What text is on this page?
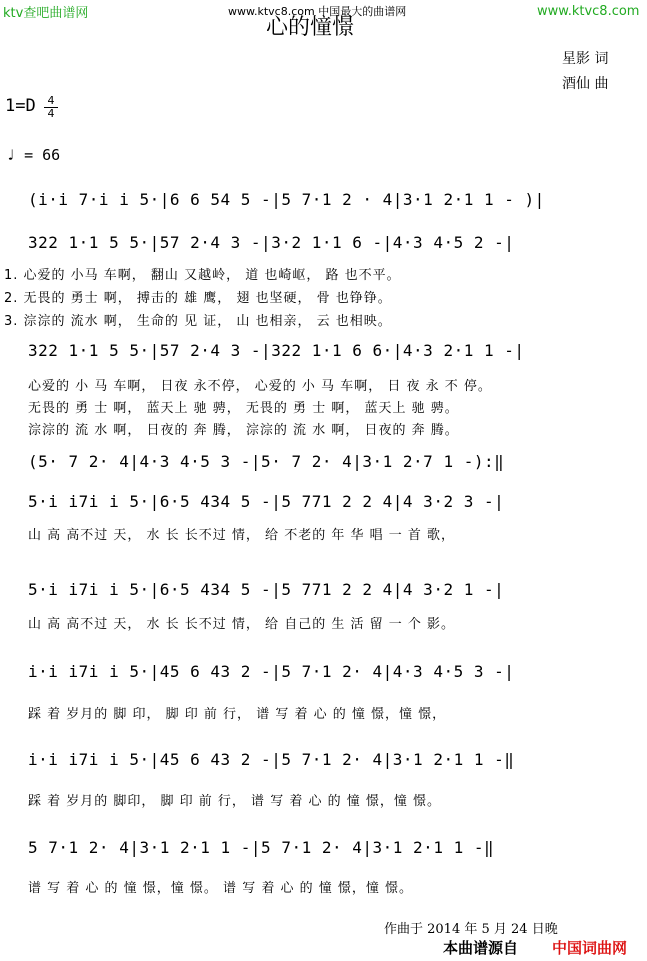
ktv查吧曲谱网	www.ktvc8.com 中国最大的曲谱网	www.ktvc8.com
心的憧憬
星影 词
酒仙 曲
1=D	4
4
♩ = 66
(i·i 7·i i 5·|6 6 54 5 -|5 7·1 2 · 4|3·1 2·1 1 - )|
322 1·1 5 5·|57 2·4 3 -|3·2 1·1 6 -|4·3 4·5 2 -|
1. 心爱的 小马 车啊， 翻山 又越岭， 道 也崎岖， 路 也不平。
2. 无畏的 勇士 啊， 搏击的 雄 鹰， 翅 也坚硬， 骨 也铮铮。
3. 淙淙的 流水 啊， 生命的 见 证， 山 也相亲， 云 也相映。
322 1·1 5 5·|57 2·4 3 -|322 1·1 6 6·|4·3 2·1 1 -|
心爱的 小 马 车啊， 日夜 永不停， 心爱的 小 马 车啊， 日 夜 永 不 停。
无畏的 勇 士 啊， 蓝天上 驰 骋， 无畏的 勇 士 啊， 蓝天上 驰 骋。
淙淙的 流 水 啊， 日夜的 奔 腾， 淙淙的 流 水 啊， 日夜的 奔 腾。
(5· 7 2· 4|4·3 4·5 3 -|5· 7 2· 4|3·1 2·7 1 -):‖
5·i i7i i 5·|6·5 434 5 -|5 771 2 2 4|4 3·2 3 -|
山 高 高不过 天， 水 长 长不过 情， 给 不老的 年 华 唱 一 首 歌，
5·i i7i i 5·|6·5 434 5 -|5 771 2 2 4|4 3·2 1 -|
山 高 高不过 天， 水 长 长不过 情， 给 自己的 生 活 留 一 个 影。
i·i i7i i 5·|45 6 43 2 -|5 7·1 2· 4|4·3 4·5 3 -|
踩 着 岁月的 脚 印， 脚 印 前 行， 谱 写 着 心 的 憧 憬，憧 憬，
i·i i7i i 5·|45 6 43 2 -|5 7·1 2· 4|3·1 2·1 1 -‖
踩 着 岁月的 脚印， 脚 印 前 行， 谱 写 着 心 的 憧 憬，憧 憬。
5 7·1 2· 4|3·1 2·1 1 -|5 7·1 2· 4|3·1 2·1 1 -‖
谱 写 着 心 的 憧 憬，憧 憬。 谱 写 着 心 的 憧 憬，憧 憬。
作曲于 2014 年 5 月 24 日晚
本曲谱源自 中国词曲网
